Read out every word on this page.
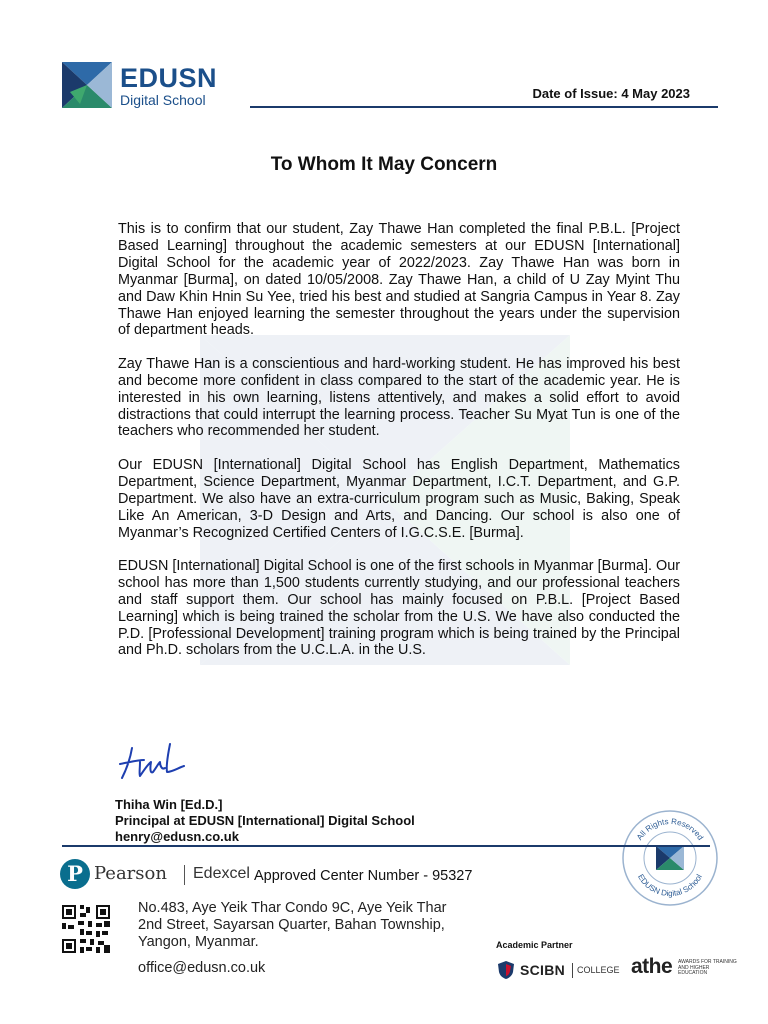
EDUSN
Digital School	Date of Issue: 4 May 2023
To Whom It May Concern

This is to confirm that our student, Zay Thawe Han completed the final P.B.L. [Project Based Learning] throughout the academic semesters at our EDUSN [International] Digital School for the academic year of 2022/2023. Zay Thawe Han was born in Myanmar [Burma], on dated 10/05/2008. Zay Thawe Han, a child of U Zay Myint Thu and Daw Khin Hnin Su Yee, tried his best and studied at Sangria Campus in Year 8. Zay Thawe Han enjoyed learning the semester throughout the years under the supervision of department heads.

Zay Thawe Han is a conscientious and hard-working student. He has improved his best and become more confident in class compared to the start of the academic year. He is interested in his own learning, listens attentively, and makes a solid effort to avoid distractions that could interrupt the learning process. Teacher Su Myat Tun is one of the teachers who recommended her student.

Our EDUSN [International] Digital School has English Department, Mathematics Department, Science Department, Myanmar Department, I.C.T. Department, and G.P. Department. We also have an extra-curriculum program such as Music, Baking, Speak Like An American, 3-D Design and Arts, and Dancing. Our school is also one of Myanmar’s Recognized Certified Centers of I.G.C.S.E. [Burma].

EDUSN [International] Digital School is one of the first schools in Myanmar [Burma]. Our school has more than 1,500 students currently studying, and our professional teachers and staff support them. Our school has mainly focused on P.B.L. [Project Based Learning] which is being trained the scholar from the U.S. We have also conducted the P.D. [Professional Development] training program which is being trained by the Principal and Ph.D. scholars from the U.C.L.A. in the U.S.

Thiha Win [Ed.D.]
Principal at EDUSN [International] Digital School
henry@edusn.co.uk	All Rights Reserved
EDUSN Digital School
P Pearson Edexcel Approved Center Number - 95327
No.483, Aye Yeik Thar Condo 9C, Aye Yeik Thar
2nd Street, Sayarsan Quarter, Bahan Township,
Yangon, Myanmar.
office@edusn.co.uk
Academic Partner
SCIBN COLLEGE athe AWARDS FOR TRAINING AND HIGHER EDUCATION
